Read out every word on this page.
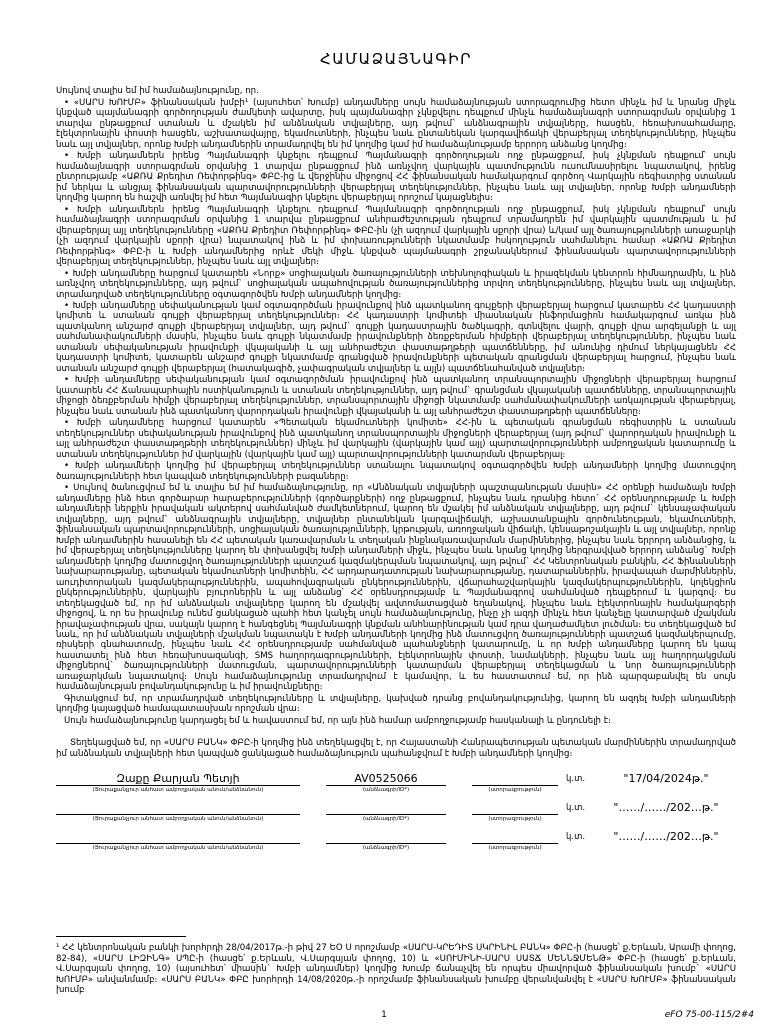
ՀԱՄԱՁԱՅՆԱԳԻՐ
Սույնով տալիս եմ իմ համաձայնությունը, որ․
• «ՍԱՐՍ ԽՈՒՄԲ» ֆինանսական խմբի¹ (այսուհետ՝ Խումբ) անդամները սույն համաձայնության ստորագրումից հետո մինչև իմ և նրանց միջև կնքված պայմանագրի գործողության ժամկետի ավարտը, իսկ պայմանագիր չկնքվելու դեպքում մինչև համաձայնագրի ստորագրման օրվանից 1 տարվա ընթացքում ստանան և մշակեն իմ անձնական տվյալները, այդ թվում` անձնագրային տվյալները, հասցեն, հեռախոսահամարը, էլեկտրոնային փոստի հասցեն, աշխատավայրը, եկամուտների, ինչպես նաև ընտանեկան կարգավիճակի վերաբերյալ տեղեկությունները, ինչպես նաև այլ տվյալներ, որոնք Խմբի անդամներին տրամադրվել են իմ կողմից կամ իմ համաձայնությամբ երրորդ անձանց կողմից։
• Խմբի անդամներն իրենց Պայմանագրի կնքելու դեպքում Պայմանագրի գործողության ողջ ընթացքում, իսկ չկնքման դեպքում՝ սույն համաձայնագրի ստորագրման օրվանից 1 տարվա ընթացքում ինձ առնչվող վարկային պատմությունն ուսումնասիրելու նպատակով, իրենց ընտրությամբ «ԱՔՌԱ Քրեդիտ Ռեփորթինգ» ՓԲԸ-ից և վերջինիս միջոցով ՀՀ ֆինանսական համակարգում գործող Վարկային ռեգիստրից ստանան իմ ներկա և անցյալ ֆինանսական պարտավորությունների վերաբերյալ տեղեկություններ, ինչպես նաև այլ տվյալներ, որոնք Խմբի անդամների կողմից կարող են հաշվի առնվել իմ հետ Պայմանագիր կնքելու վերաբերյալ որոշում կայացնելիս։
• Խմբի անդամներն իրենց Պայմանագրի կնքելու դեպքում Պայմանագրի գործողության ողջ ընթացքում, իսկ չկնքման դեպքում՝ սույն համաձայնագրի ստորագրման օրվանից 1 տարվա ընթացքում անհրաժեշտության դեպքում տրամադրեն իմ վարկային պատմության և իմ վերաբերյալ այլ տեղեկությունները «ԱՔՌԱ Քրեդիտ Ռեփորթինգ» ՓԲԸ-ին (չի ազդում վարկային սքորի վրա) և/կամ այլ ծառայությունների առաջարկի (չի ազդում վարկային սքորի վրա) նպատակով ինձ և իմ փոխառությունների նկատմամբ հսկողություն սահմանելու համար «ԱՔՌԱ Քրեդիտ Ռեփորթինգ» ՓԲԸ-ի և Խմբի անդամներից որևէ մեկի միջև կնքված պայմանագրի շրջանակներում ֆինանսական պարտավորությունների վերաբերյալ տեղեկություններ, ինչպես նաև այլ տվյալներ։
• Խմբի անդամները հարցում կատարեն «Նորք» սոցիալական ծառայությունների տեխնոլոգիական և իրազեկման կենտրոն հիմնադրամին, և ինձ առնչվող տեղեկությունները, այդ թվում` սոցիալական ապահովության ծառայություններից տրվող տեղեկությունները, ինչպես նաև այլ տվյալներ, տրամադրված տեղեկությունները օգտագործվեն Խմբի անդամների կողմից։
• Խմբի անդամները սեփականության կամ օգտագործման իրավունքով ինձ պատկանող գույքերի վերաբերյալ հարցում կատարեն ՀՀ կադաստրի կոմիտե և ստանան գույքի վերաբերյալ տեղեկություններ։ ՀՀ կադաստրի կոմիտեի միասնական ինֆորմացիոն համակարգում առկա ինձ պատկանող անշարժ գույքի վերաբերյալ տվյալներ, այդ թվում` գույքի կադաստրային ծածկագրի, գտնվելու վայրի, գույքի վրա արգելանքի և այլ սահմանափակումների մասին, ինչպես նաև գույքի նկատմամբ իրավունքների ձեռքբերման հիմքերի վերաբերյալ տեղեկություններ, ինչպես նաև ստանան սեփականության իրավունքի վկայականի և այլ անհրաժեշտ փաստաթղթերի պատճենները, իմ անունից դիմում ներկայացնեն ՀՀ կադաստրի կոմիտե, կատարեն անշարժ գույքի նկատմամբ գրանցված իրավունքների պետական գրանցման վերաբերյալ հարցում, ինչպես նաև ստանան անշարժ գույքի վերաբերյալ (հատակագիծ, չափագրական տվյալներ և այլն) պատճենահանված տվյալներ։
• Խմբի անդամները սեփականության կամ օգտագործման իրավունքով ինձ պատկանող տրանսպորտային միջոցների վերաբերյալ հարցում կատարեն ՀՀ Ճանապարհային ոստիկանություն և ստանան տեղեկություններ, այդ թվում` գրանցման վկայականի պատճենները, տրանսպորտային միջոցի ձեռքբերման հիմքի վերաբերյալ տեղեկություններ, տրանսպորտային միջոցի նկատմամբ սահմանափակումների առկայության վերաբերյալ, ինչպես նաև ստանան ինձ պատկանող վարորդական իրավունքի վկայականի և այլ անհրաժեշտ փաստաթղթերի պատճենները։
• Խմբի անդամները հարցում կատարեն «Պետական եկամուտների կոմիտե» ՀՀ-ին և պետական գրանցման ռեգիստրին և ստանան տեղեկություններ սեփականության իրավունքով ինձ պատկանող տրանսպորտային միջոցների վերաբերյալ (այդ թվում` վարորդական իրավունքի և այլ անհրաժեշտ փաստաթղթերի տեղեկություններ) մինչև իմ վարկային (վարկային կամ այլ) պարտավորությունների ամբողջական կատարումը և ստանան տեղեկություններ իմ վարկային (վարկային կամ այլ) պարտավորությունների կատարման վերաբերյալ։
• Խմբի անդամների կողմից իմ վերաբերյալ տեղեկություններ ստանալու նպատակով օգտագործվեն Խմբի անդամների կողմից մատուցվող ծառայությունների հետ կապված տեղեկությունների բազաները։
• Սույնով ծանուցվում եմ և տալիս եմ իմ համաձայնությունը, որ «Անձնական տվյալների պաշտպանության մասին» ՀՀ օրենքի համաձայն Խմբի անդամները ինձ հետ գործարար հարաբերությունների (գործարքների) ողջ ընթացքում, ինչպես նաև դրանից հետո` ՀՀ օրենսդրությամբ և Խմբի անդամների ներքին իրավական ակտերով սահմանված ժամկետներում, կարող են մշակել իմ անձնական տվյալները, այդ թվում` կենսաչափական տվյալները, այդ թվում` անձնագրային տվյալները, տվյալներ ընտանեկան կարգավիճակի, աշխատանքային գործունեության, եկամուտների, ֆինանսական պարտավորությունների, սոցիալական ծառայությունների, կրթության, առողջական վիճակի, կենսաթոշակային և այլ տվյալներ, որոնք Խմբի անդամներին հասանելի են ՀՀ պետական կառավարման և տեղական ինքնակառավարման մարմիններից, ինչպես նաև երրորդ անձանցից, և իմ վերաբերյալ տեղեկությունները կարող են փոխանցվել Խմբի անդամների միջև, ինչպես նաև նրանց կողմից ներգրավված երրորդ անձանց` Խմբի անդամների կողմից մատուցվող ծառայությունների պատշաճ կազմակերպման նպատակով, այդ թվում` ՀՀ Կենտրոնական բանկին, ՀՀ Ֆինանսների նախարարությանը, պետական եկամուտների կոմիտեին, ՀՀ արդարադատության նախարարությանը, դատարաններին, իրավապահ մարմիններին, աուդիտորական կազմակերպություններին, ապահովագրական ընկերություններին, վճարահաշվարկային կազմակերպություններին, կոլեկցիոն ընկերություններին, վարկային բյուրոներին և այլ անձանց՝ ՀՀ օրենսդրությամբ և Պայմանագրով սահմանված դեպքերում և կարգով։ Ես տեղեկացված եմ, որ իմ անձնական տվյալները կարող են մշակվել ավտոմատացված եղանակով, ինչպես նաև էլեկտրոնային համակարգերի միջոցով, և որ ես իրավունք ունեմ ցանկացած պահի հետ կանչել սույն համաձայնությունը, ինչը չի ազդի մինչև հետ կանչելը կատարված մշակման իրավաչափության վրա, սակայն կարող է հանգեցնել Պայմանագրի կնքման անհնարինության կամ դրա վաղաժամկետ լուծման։ Ես տեղեկացված եմ նաև, որ իմ անձնական տվյալների մշակման նպատակն է Խմբի անդամների կողմից ինձ մատուցվող ծառայությունների պատշաճ կազմակերպումը, ռիսկերի գնահատումը, ինչպես նաև ՀՀ օրենսդրությամբ սահմանված պահանջների կատարումը, և որ Խմբի անդամները կարող են կապ հաստատել ինձ հետ հեռախոսազանգի, SMS հաղորդագրությունների, էլեկտրոնային փոստի, նամակների, ինչպես նաև այլ հաղորդակցման միջոցներով` ծառայությունների մատուցման, պարտավորությունների կատարման վերաբերյալ տեղեկացման և նոր ծառայությունների առաջարկման նպատակով։ Սույն համաձայնությունը տրամադրվում է կամավոր, և ես հաստատում եմ, որ ինձ պարզաբանվել են սույն համաձայնության բովանդակությունը և իմ իրավունքները։
Գիտակցում եմ, որ տրամադրված տեղեկությունները և տվյալները, կախված դրանց բովանդակությունից, կարող են ազդել Խմբի անդամների կողմից կայացված համապատասխան որոշման վրա։
Սույն համաձայնությունը կարդացել եմ և հավաստում եմ, որ այն ինձ համար ամբողջությամբ հասկանալի և ընդունելի է։
Տեղեկացված եմ, որ «ՍԱՐՍ ԲԱՆԿ» ՓԲԸ-ի կողմից ինձ տեղեկացվել է, որ Հայաստանի Հանրապետության պետական մարմիններին տրամադրված իմ անձնական տվյալների հետ կապված ցանկացած համաձայնություն պահանջվում է Խմբի անդամների կողմից։
Զաքը Քարյան Պետյի	AV0525066	կ.տ.	"17/04/2024թ."
(Յուրաքանչյուր անհատ ամբողջական անուն/անձնանուն)	(անձնագրի/ID*)	(ստորագրություն)
կ.տ.	"……/……/202…թ."
(Յուրաքանչյուր անհատ ամբողջական անուն/անձնանուն)	(անձնագրի/ID*)	(ստորագրություն)
կ.տ.	"……/……/202…թ."
(Յուրաքանչյուր անհատ ամբողջական անուն/անձնանուն)	(անձնագրի/ID*)	(ստորագրություն)
¹ ՀՀ կենտրոնական բանկի խորհրդի 28/04/2017թ.-ի թիվ 27 ԵՕ Ս որոշմամբ «ՍԱՐՍ-ԿՐԵԴԻՏ ՍԿՐԻՆԻԼ ԲԱՆԿ» ՓԲԸ-ի (հասցե՝ ք.Երևան, Արամի փողոց, 82-84), «ՍԱՐՍ ԼԻԶԻՆԳ» ՍՊԸ-ի (հասցե՝ ք.Երևան, Վ.Սարգսյան փողոց, 10) և «ՍՈՒՄԻՆԻ-ՍԱՐՍ ՍԱՏՃ ՄԵՆՆՋՄԵՆԹ» ՓԲԸ-ի (հասցե՝ ք.Երևան, Վ.Սարգսյան փողոց, 10) (այսուհետ՝ միասին` Խմբի անդամներ) կողմից Խումբ ճանաչվել են որպես միավորված ֆինանսական խումբ` «ՍԱՐՍ ԽՈՒՄԲ» անվանմամբ։ «ՍԱՐՍ ԲԱՆԿ» ՓԲԸ խորհրդի 14/08/2020թ.-ի որոշմամբ ֆինանսական խումբը վերանվանվել է «ՍԱՐՍ ԽՈՒՄԲ» ֆինանսական խումբ
1	eFO 75-00-115/2#4
